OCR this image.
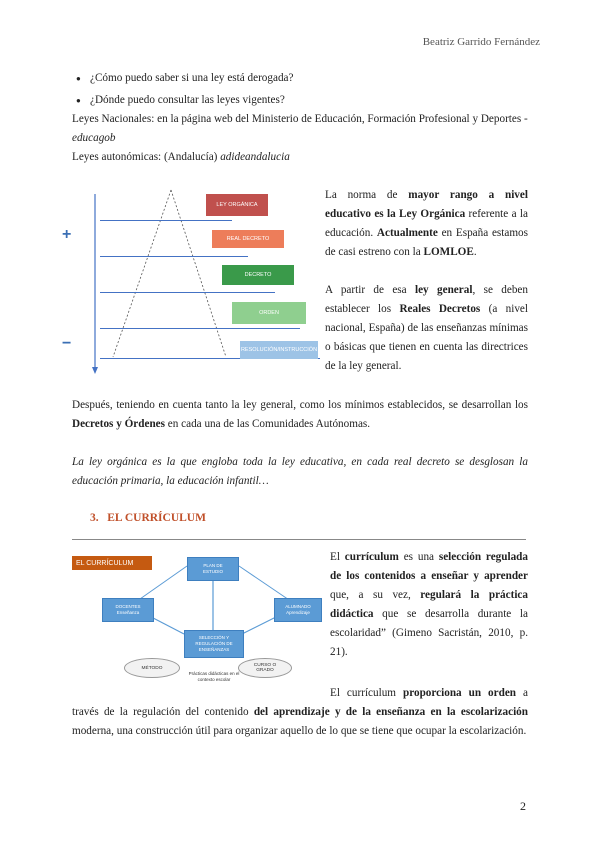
Beatriz Garrido Fernández
● ¿Cómo puedo saber si una ley está derogada?
● ¿Dónde puedo consultar las leyes vigentes?
Leyes Nacionales: en la página web del Ministerio de Educación, Formación Profesional y Deportes -
educagob
Leyes autonómicas: (Andalucía) adideandalucia
+
−
LEY ORGÁNICA
REAL DECRETO
DECRETO
ORDEN
RESOLUCIÓN/INSTRUCCIÓN
La norma de mayor rango a nivel educativo es la Ley Orgánica referente a la educación. Actualmente en España estamos de casi estreno con la LOMLOE.
A partir de esa ley general, se deben establecer los Reales Decretos (a nivel nacional, España) de las enseñanzas mínimas o básicas que tienen en cuenta las directrices de la ley general.
Después, teniendo en cuenta tanto la ley general, como los mínimos establecidos, se desarrollan los Decretos y Órdenes en cada una de las Comunidades Autónomas.
La ley orgánica es la que engloba toda la ley educativa, en cada real decreto se desglosan la educación primaria, la educación infantil…
3. EL CURRÍCULUM
EL CURRÍCULUM	PLAN DE
ESTUDIO
DOCENTES
Enseñanza
ALUMNADO
Aprendizaje
SELECCIÓN Y
REGULACIÓN DE
ENSEÑANZAS
MÉTODO	CURSO O
GRADO
Prácticas didácticas en el
contexto escolar
El currículum es una selección regulada de los contenidos a enseñar y aprender que, a su vez, regulará la práctica didáctica que se desarrolla durante la escolaridad” (Gimeno Sacristán, 2010, p. 21).
El currículum proporciona un orden a través de la regulación del contenido del aprendizaje y de la enseñanza en la escolarización moderna, una construcción útil para organizar aquello de lo que se tiene que ocupar la escolarización.
2
